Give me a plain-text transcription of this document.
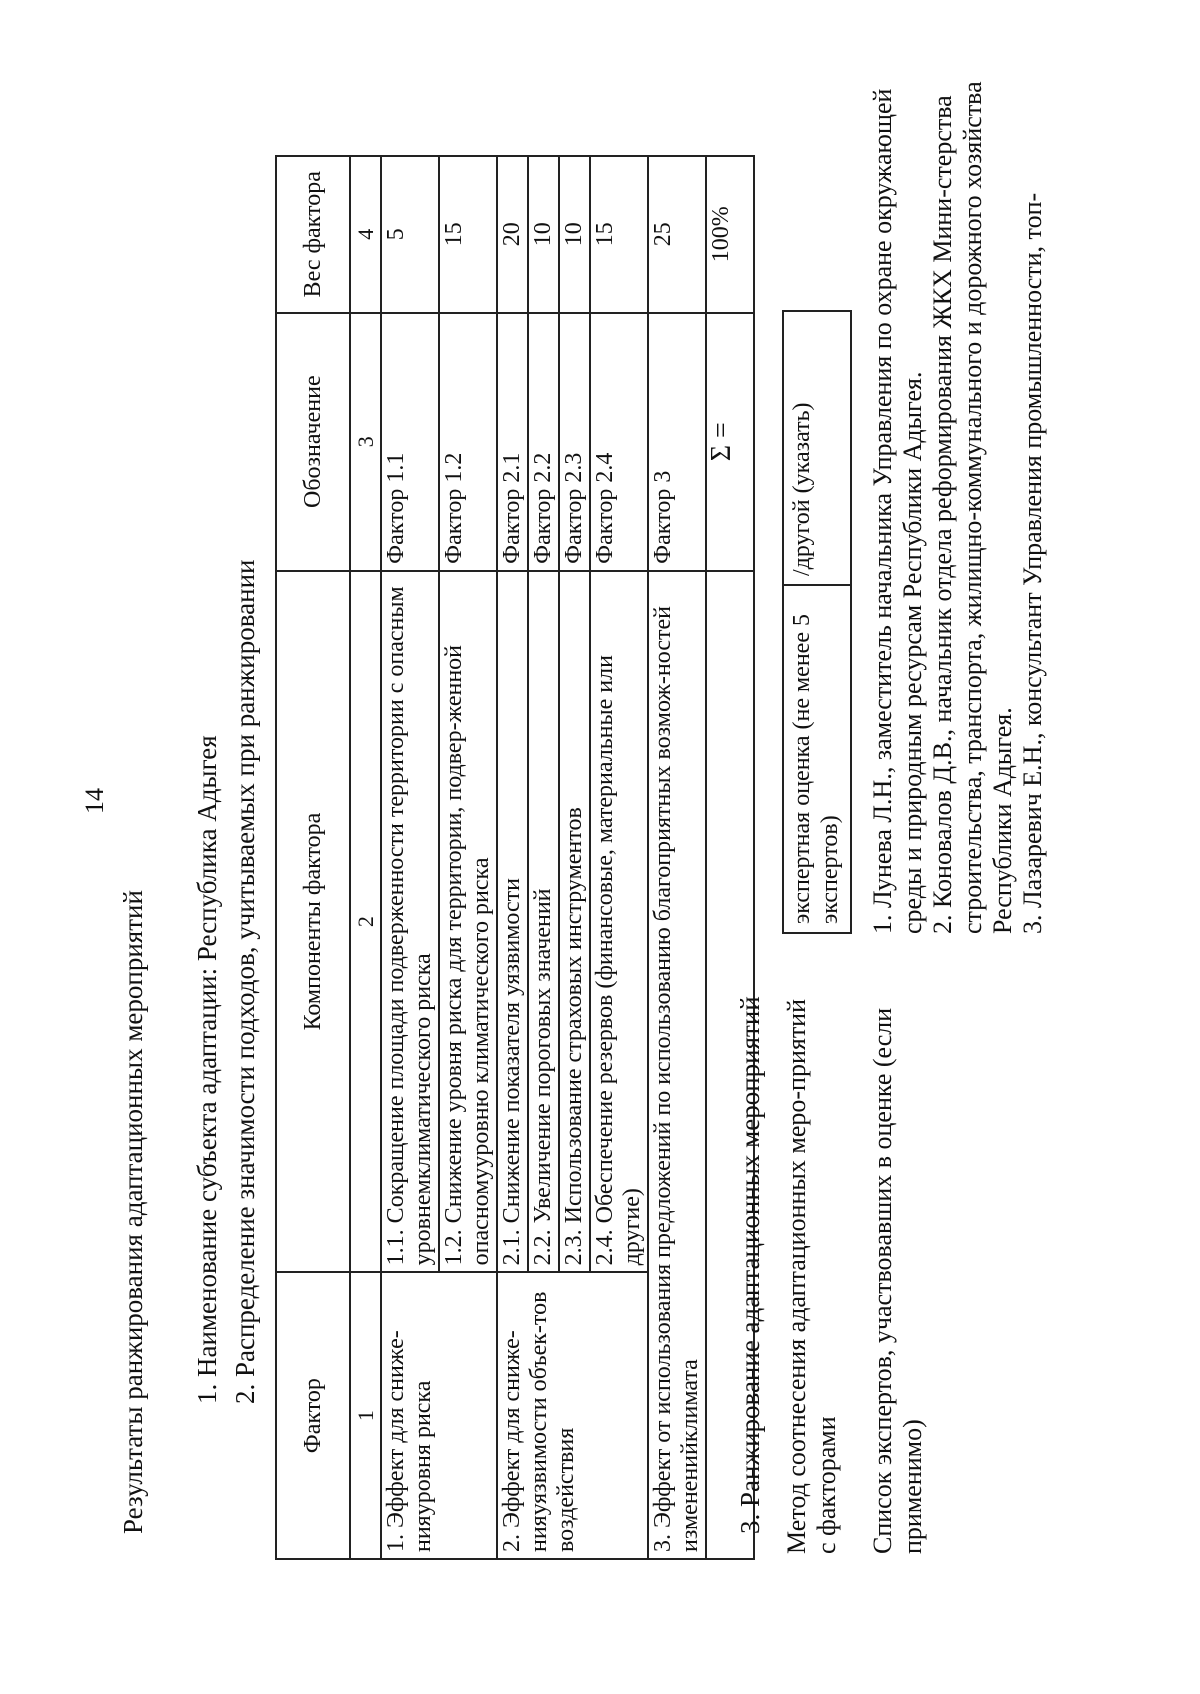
14
Результаты ранжирования адаптационных мероприятий 1. Наименование субъекта адаптации: Республика Адыгея 2. Распределение значимости подходов, учитываемых при ранжировании
Фактор	Компоненты фактора	Обозначение	Вес фактора
1	2	3	4
1. Эффект для сниже-нияуровня риска	1.1. Сокращение площади подверженности территории с опасным уровнемклиматического риска	Фактор 1.1	5
	1.2. Снижение уровня риска для территории, подвер-женной опасномууровню климатического риска	Фактор 1.2	15
2. Эффект для сниже-нияуязвимости объек-тов воздействия	2.1. Снижение показателя уязвимости	Фактор 2.1	20
	2.2. Увеличение пороговых значений	Фактор 2.2	10
	2.3. Использование страховых инструментов	Фактор 2.3	10
	2.4. Обеспечение резервов (финансовые, материальные или другие)	Фактор 2.4	15
3. Эффект от использования предложений по использованию благоприятных возмож-ностей измененийклимата		Фактор 3	25
		Σ =	100%
3. Ранжирование адаптационных мероприятий Метод соотнесения адаптационных меро-приятий с факторами
экспертная оценка (не менее 5 экспертов)
/другой (указать)
Список экспертов, участвовавших в оценке (если применимо)
1. Лунева Л.Н., заместитель начальника Управления по охране окружающей среды и природным ресурсам Республики Адыгея. 2. Коновалов Д.В., начальник отдела реформирования ЖКХ Мини-стерства строительства, транспорта, жилищно-коммунального и дорожного хозяйства Республики Адыгея. 3. Лазаревич Е.Н., консультант Управления промышленности, топ-
